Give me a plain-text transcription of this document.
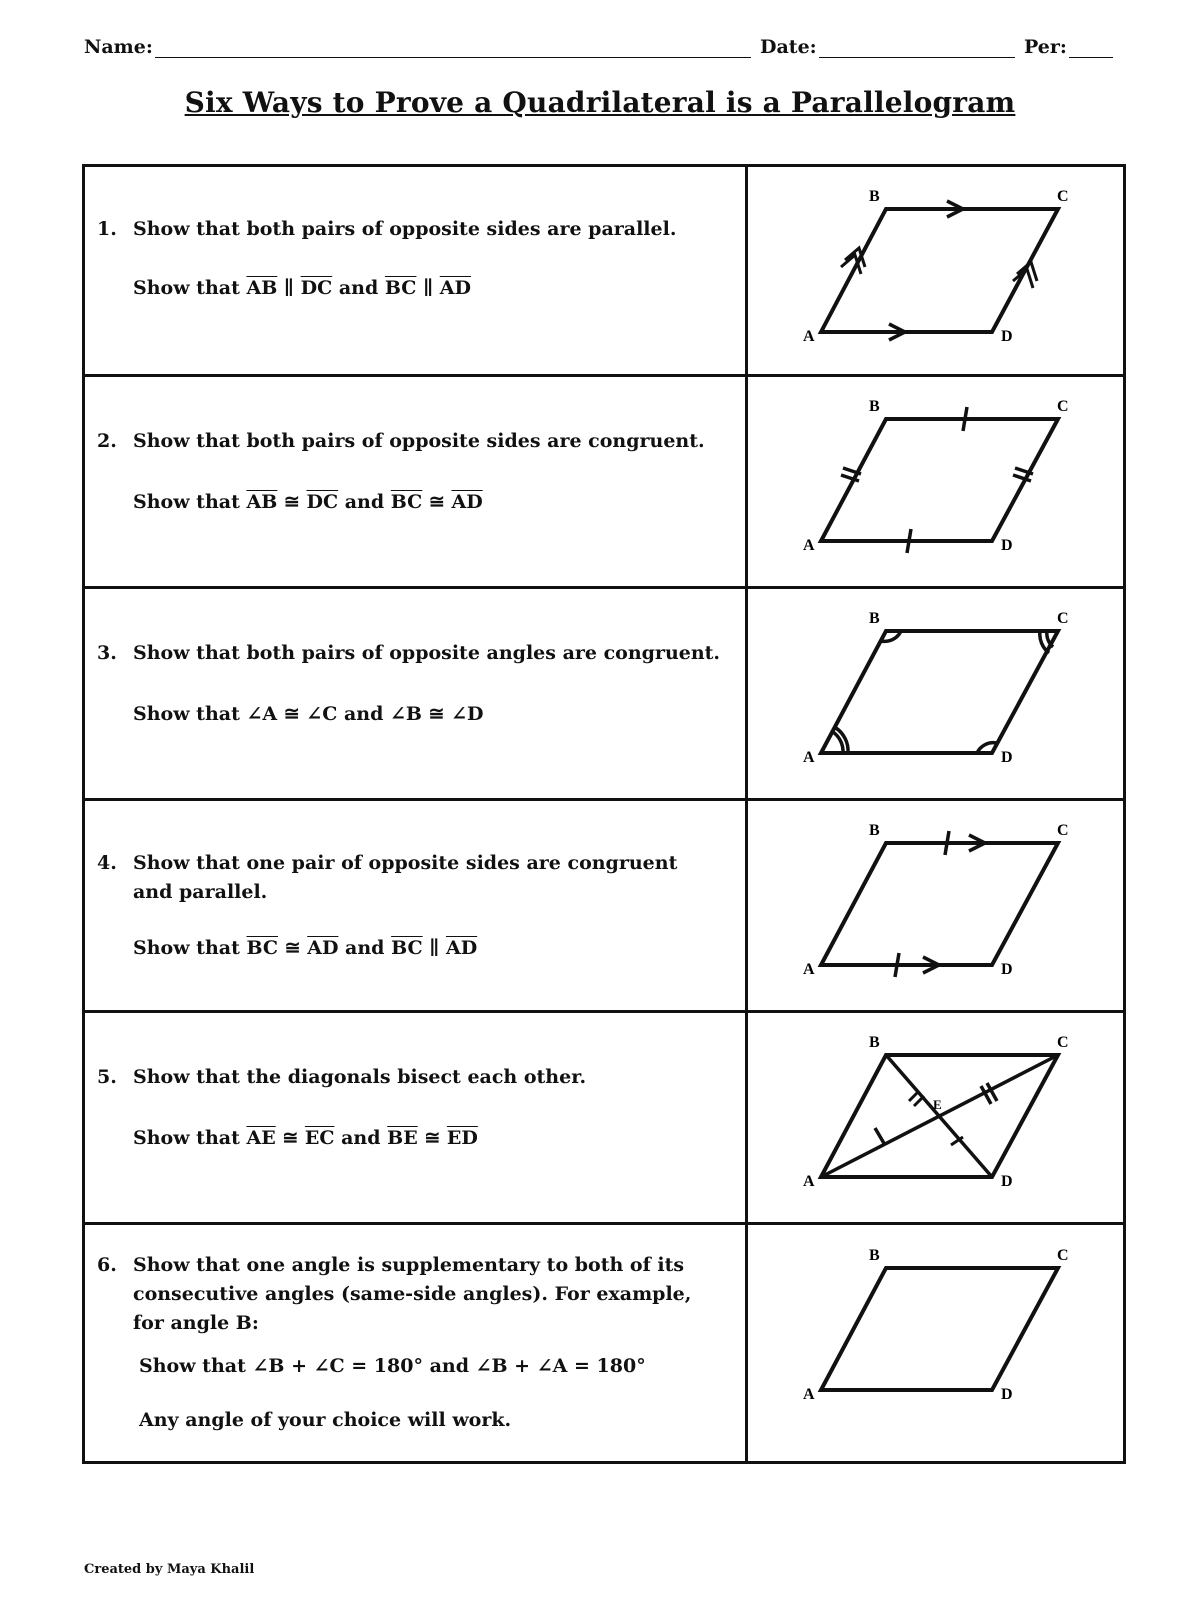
Name:	Date:	Per:
Six Ways to Prove a Quadrilateral is a Parallelogram
1. Show that both pairs of opposite sides are parallel.
Show that $\overline{AB}$ ∥ $\overline{DC}$ and $\overline{BC}$ ∥ $\overline{AD}$
A
B	C
D
2. Show that both pairs of opposite sides are congruent.
Show that $\overline{AB}$ ≅ $\overline{DC}$ and $\overline{BC}$ ≅ $\overline{AD}$
A
B	C
D
3. Show that both pairs of opposite angles are congruent.
Show that ∠A ≅ ∠C and ∠B ≅ ∠D
A
B	C
D
4. Show that one pair of opposite sides are congruent and parallel.
Show that $\overline{BC}$ ≅ $\overline{AD}$ and $\overline{BC}$ ∥ $\overline{AD}$
A
B	C
D
5. Show that the diagonals bisect each other.
Show that $\overline{AE}$ ≅ $\overline{EC}$ and $\overline{BE}$ ≅ $\overline{ED}$
A
B	C
D
E
6. Show that one angle is supplementary to both of its consecutive angles (same-side angles). For example, for angle B:
Show that ∠B + ∠C = 180° and ∠B + ∠A = 180°
Any angle of your choice will work.
A
B	C
D
Created by Maya Khalil
